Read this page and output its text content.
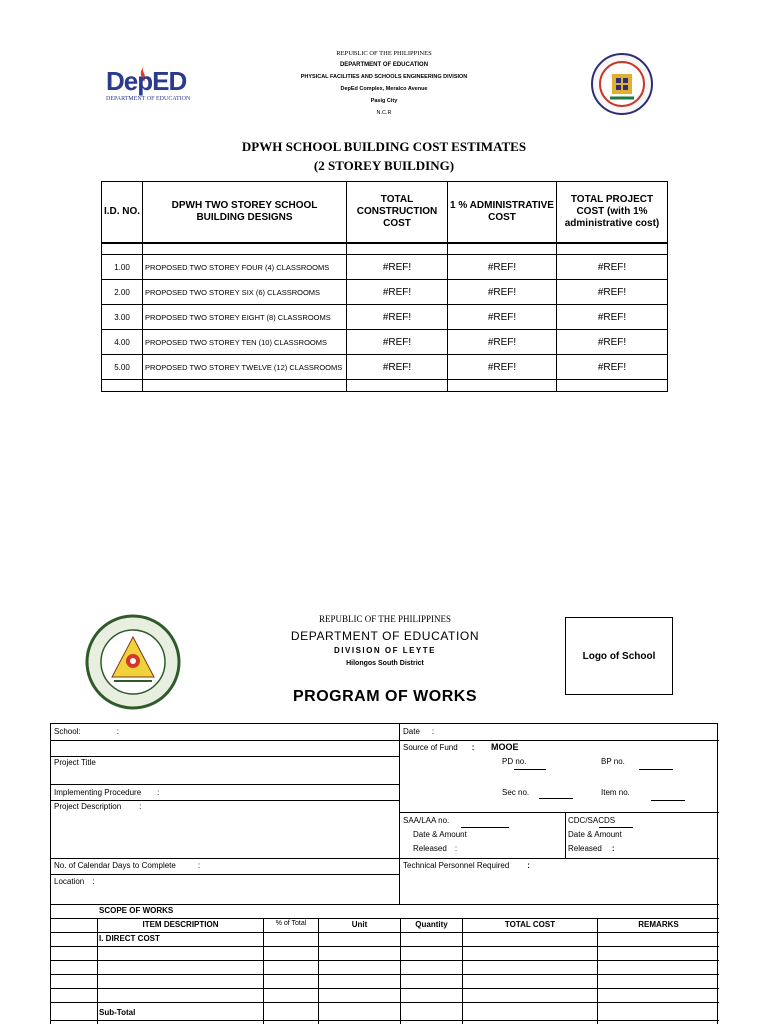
DepED
DEPARTMENT OF EDUCATION
REPUBLIC OF THE PHILIPPINES
DEPARTMENT OF EDUCATION
PHYSICAL FACILITIES AND SCHOOLS ENGINEERING DIVISION
DepEd Complex, Meralco Avenue
Pasig City
N.C.R
DPWH SCHOOL BUILDING COST ESTIMATES
(2 STOREY BUILDING)
I.D. NO.	DPWH TWO STOREY SCHOOL BUILDING DESIGNS	TOTAL CONSTRUCTION COST	1 % ADMINISTRATIVE COST	TOTAL PROJECT COST (with 1% administrative cost)

1.00	PROPOSED TWO STOREY FOUR (4) CLASSROOMS	#REF!	#REF!	#REF!
2.00	PROPOSED TWO STOREY SIX (6) CLASSROOMS	#REF!	#REF!	#REF!
3.00	PROPOSED TWO STOREY EIGHT (8) CLASSROOMS	#REF!	#REF!	#REF!
4.00	PROPOSED TWO STOREY TEN (10) CLASSROOMS	#REF!	#REF!	#REF!
5.00	PROPOSED TWO STOREY TWELVE (12) CLASSROOMS	#REF!	#REF!	#REF!

REPUBLIC OF THE PHILIPPINES
DEPARTMENT OF EDUCATION
DIVISION OF LEYTE
Hilongos South District
Logo of School
PROGRAM OF WORKS
School:	:
Project Title
Implementing Procedure :
Project Description :
No. of Calendar Days to Complete	:
Location :
Date :
Source of Fund : MOOE
PD no.	BP no.
Sec no.	Item no.
SAA/LAA no.
Date & Amount
Released :
CDC/SACDS
Date & Amount
Released :
Technical Personnel Required :
SCOPE OF WORKS
ITEM DESCRIPTION	% of Total	Unit	Quantity	TOTAL COST	REMARKS
I. DIRECT COST
Sub-Total
